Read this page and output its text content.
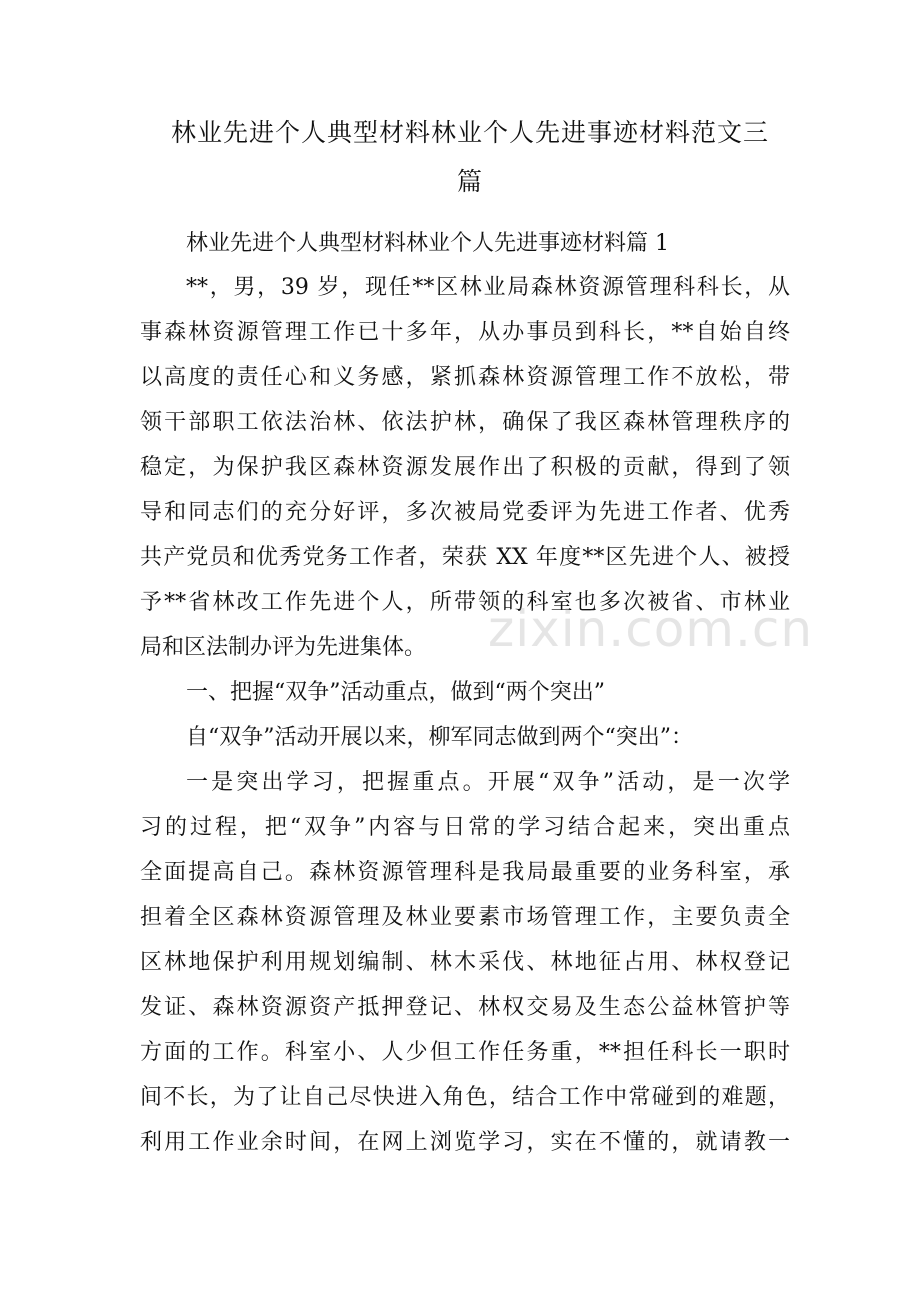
林业先进个人典型材料林业个人先进事迹材料范文三
篇
林业先进个人典型材料林业个人先进事迹材料篇 1
**，男，39 岁，现任**区林业局森林资源管理科科长，从
事森林资源管理工作已十多年，从办事员到科长，**自始自终
以高度的责任心和义务感，紧抓森林资源管理工作不放松，带
领干部职工依法治林、依法护林，确保了我区森林管理秩序的
稳定，为保护我区森林资源发展作出了积极的贡献，得到了领
导和同志们的充分好评，多次被局党委评为先进工作者、优秀
共产党员和优秀党务工作者，荣获 XX 年度**区先进个人、被授
予**省林改工作先进个人，所带领的科室也多次被省、市林业
局和区法制办评为先进集体。
一、把握“双争”活动重点，做到“两个突出”
自“双争”活动开展以来，柳军同志做到两个“突出”：
一是突出学习，把握重点。开展“双争”活动，是一次学
习的过程，把“双争”内容与日常的学习结合起来，突出重点
全面提高自己。森林资源管理科是我局最重要的业务科室，承
担着全区森林资源管理及林业要素市场管理工作，主要负责全
区林地保护利用规划编制、林木采伐、林地征占用、林权登记
发证、森林资源资产抵押登记、林权交易及生态公益林管护等
方面的工作。科室小、人少但工作任务重，**担任科长一职时
间不长，为了让自己尽快进入角色，结合工作中常碰到的难题，
利用工作业余时间，在网上浏览学习，实在不懂的，就请教一
zixin.com.cn
